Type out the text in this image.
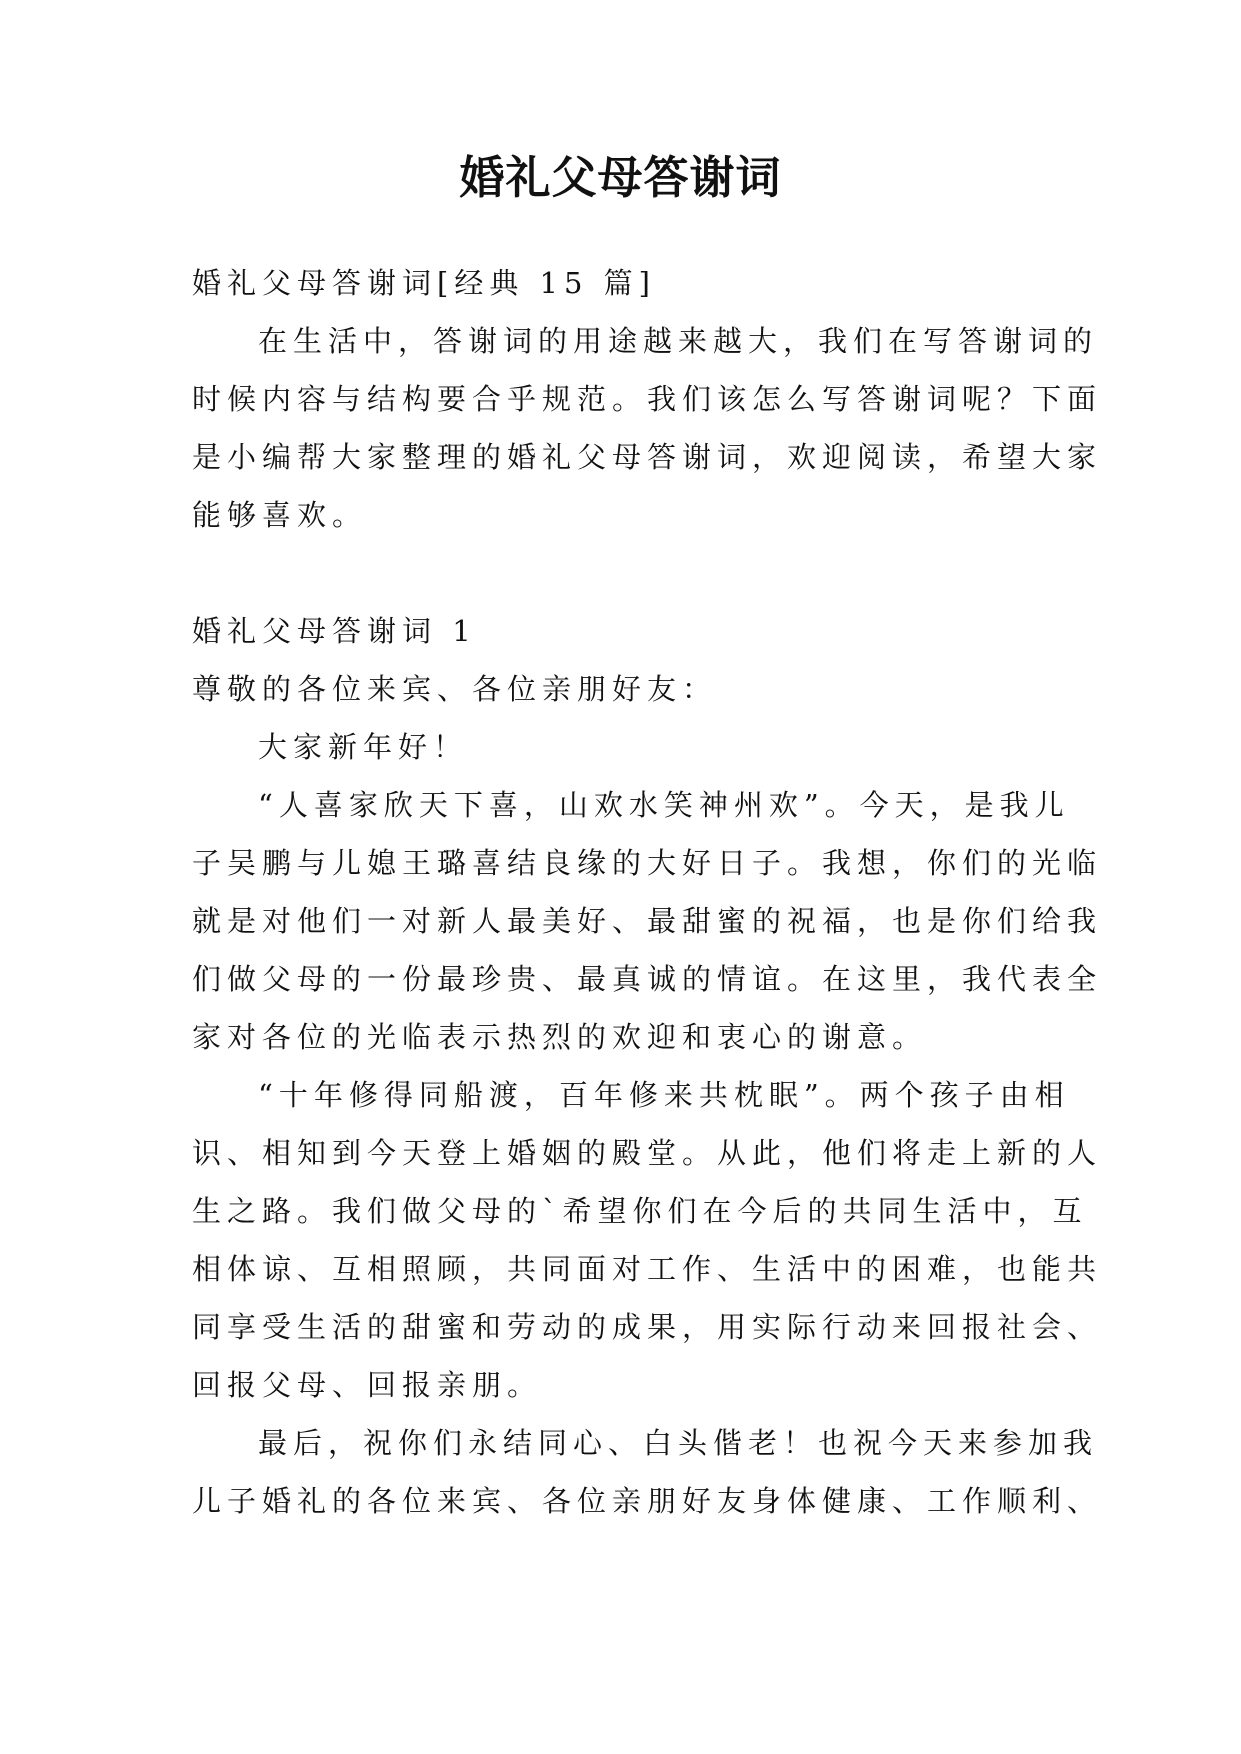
婚礼父母答谢词
婚礼父母答谢词[经典 15 篇]
在生活中，答谢词的用途越来越大，我们在写答谢词的
时候内容与结构要合乎规范。我们该怎么写答谢词呢？下面
是小编帮大家整理的婚礼父母答谢词，欢迎阅读，希望大家
能够喜欢。
婚礼父母答谢词 1
尊敬的各位来宾、各位亲朋好友：
大家新年好！
“人喜家欣天下喜，山欢水笑神州欢”。今天，是我儿
子吴鹏与儿媳王璐喜结良缘的大好日子。我想，你们的光临
就是对他们一对新人最美好、最甜蜜的祝福，也是你们给我
们做父母的一份最珍贵、最真诚的情谊。在这里，我代表全
家对各位的光临表示热烈的欢迎和衷心的谢意。
“十年修得同船渡，百年修来共枕眠”。两个孩子由相
识、相知到今天登上婚姻的殿堂。从此，他们将走上新的人
生之路。我们做父母的`希望你们在今后的共同生活中，互
相体谅、互相照顾，共同面对工作、生活中的困难，也能共
同享受生活的甜蜜和劳动的成果，用实际行动来回报社会、
回报父母、回报亲朋。
最后，祝你们永结同心、白头偕老！也祝今天来参加我
儿子婚礼的各位来宾、各位亲朋好友身体健康、工作顺利、
